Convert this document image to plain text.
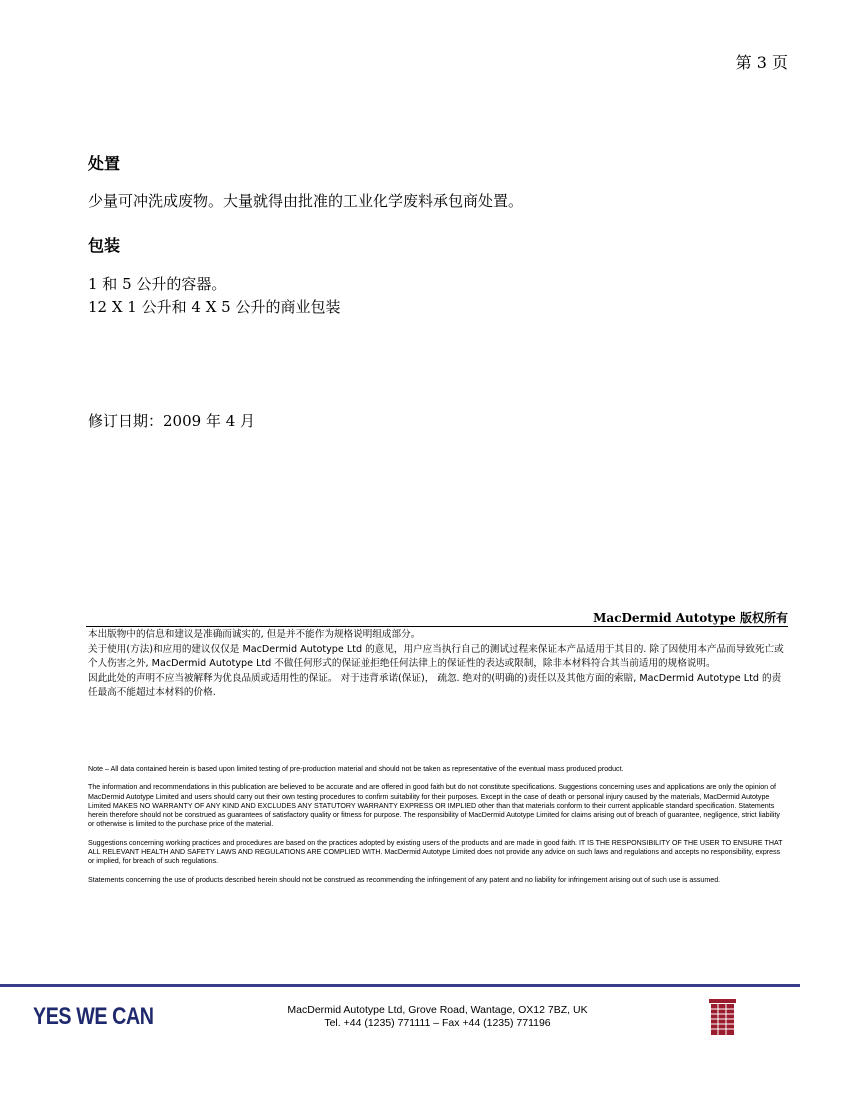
第 3 页
处置
少量可冲洗成废物。大量就得由批准的工业化学废料承包商处置。
包装
1 和 5 公升的容器。
12 X 1 公升和 4 X 5 公升的商业包装
修订日期：2009 年 4 月
MacDermid Autotype 版权所有

本出版物中的信息和建议是准确而诚实的, 但是并不能作为规格说明组成部分。

关于使用(方法)和应用的建议仅仅是 MacDermid Autotype Ltd 的意见，用户应当执行自己的测试过程来保证本产品适用于其目的. 除了因使用本产品而导致死亡或个人伤害之外, MacDermid Autotype Ltd 不做任何形式的保证並拒绝任何法律上的保证性的表达或限制，除非本材料符合其当前适用的规格说明。

因此此处的声明不应当被解释为优良品质或适用性的保证。 对于违背承诺(保证)， 疏忽. 绝对的(明确的)责任以及其他方面的索賠, MacDermid Autotype Ltd 的责任最高不能超过本材料的价格.

Note – All data contained herein is based upon limited testing of pre-production material and should not be taken as representative of the eventual mass produced product.

The information and recommendations in this publication are believed to be accurate and are offered in good faith but do not constitute specifications. Suggestions concerning uses and applications are only the opinion of MacDermid Autotype Limited and users should carry out their own testing procedures to confirm suitability for their purposes. Except in the case of death or personal injury caused by the materials, MacDermid Autotype Limited MAKES NO WARRANTY OF ANY KIND AND EXCLUDES ANY STATUTORY WARRANTY EXPRESS OR IMPLIED other than that materials conform to their current applicable standard specification. Statements herein therefore should not be construed as guarantees of satisfactory quality or fitness for purpose. The responsibility of MacDermid Autotype Limited for claims arising out of breach of guarantee, negligence, strict liability or otherwise is limited to the purchase price of the material.

Suggestions concerning working practices and procedures are based on the practices adopted by existing users of the products and are made in good faith. IT IS THE RESPONSIBILITY OF THE USER TO ENSURE THAT ALL RELEVANT HEALTH AND SAFETY LAWS AND REGULATIONS ARE COMPLIED WITH. MacDermid Autotype Limited does not provide any advice on such laws and regulations and accepts no responsibility, express or implied, for breach of such regulations.

Statements concerning the use of products described herein should not be construed as recommending the infringement of any patent and no liability for infringement arising out of such use is assumed.

YES WE CAN	MacDermid Autotype Ltd, Grove Road, Wantage, OX12 7BZ, UK
Tel. +44 (1235) 771111 – Fax +44 (1235) 771196
